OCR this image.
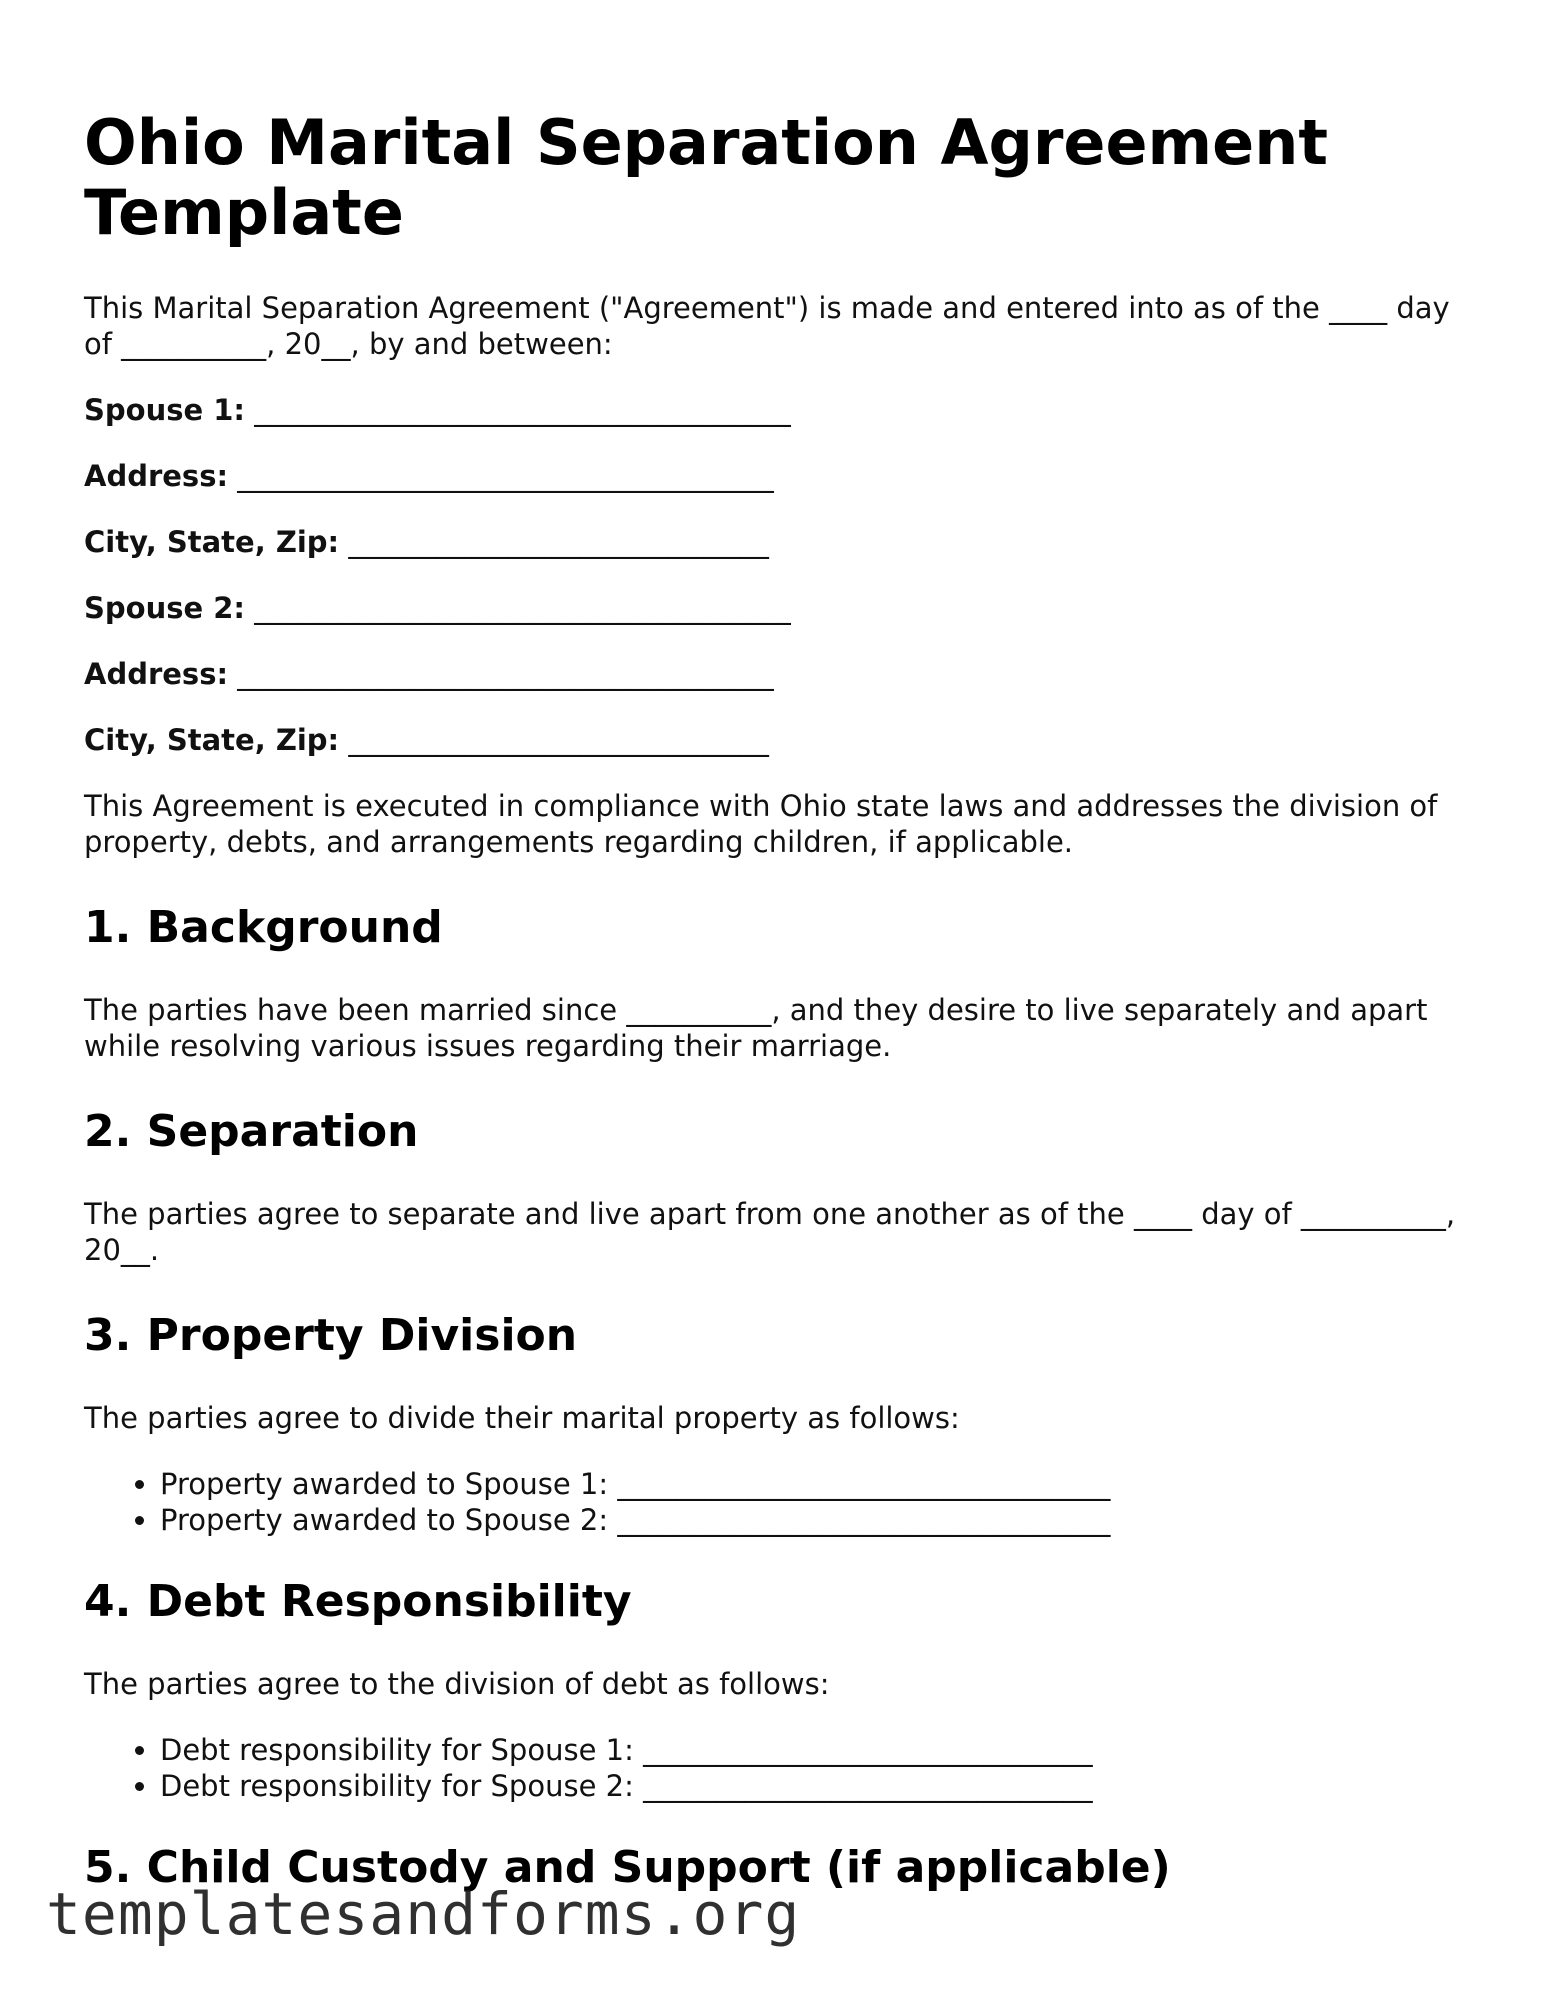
Ohio Marital Separation Agreement Template

This Marital Separation Agreement ("Agreement") is made and entered into as of the ____ day of __________, 20__, by and between:

Spouse 1: _____________________________________
Address: _____________________________________
City, State, Zip: _____________________________
Spouse 2: _____________________________________
Address: _____________________________________
City, State, Zip: _____________________________

This Agreement is executed in compliance with Ohio state laws and addresses the division of property, debts, and arrangements regarding children, if applicable.

1. Background

The parties have been married since __________, and they desire to live separately and apart while resolving various issues regarding their marriage.

2. Separation

The parties agree to separate and live apart from one another as of the ____ day of __________, 20__.

3. Property Division

The parties agree to divide their marital property as follows:

• Property awarded to Spouse 1: __________________________________
• Property awarded to Spouse 2: __________________________________
4. Debt Responsibility

The parties agree to the division of debt as follows:

• Debt responsibility for Spouse 1: _______________________________
• Debt responsibility for Spouse 2: _______________________________
5. Child Custody and Support (if applicable)
templatesandforms.org
